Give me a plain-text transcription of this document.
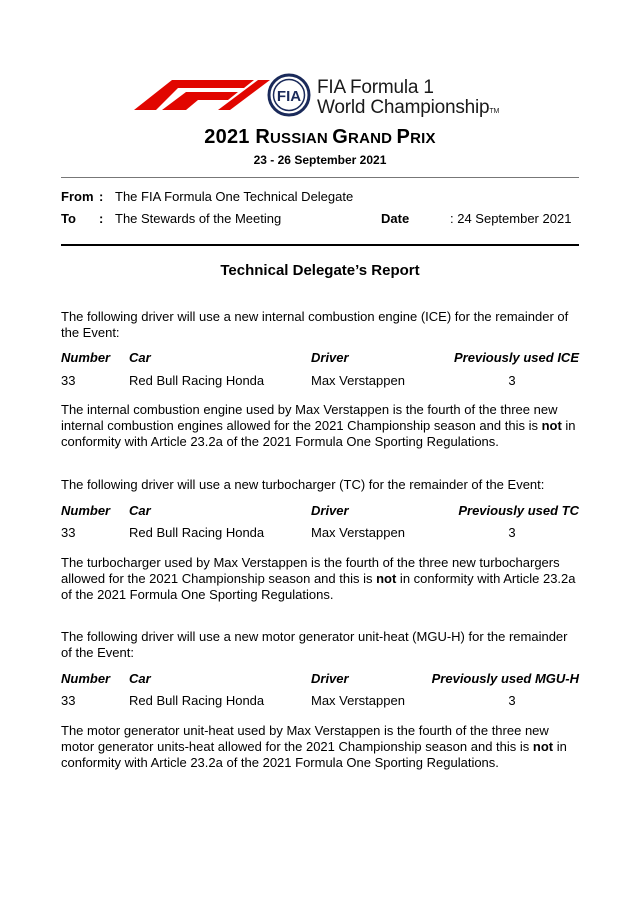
FIA FIA Formula 1
World ChampionshipTM
2021 RUSSIAN GRAND PRIX
23 - 26 September 2021
From : The FIA Formula One Technical Delegate
To : The Stewards of the Meeting	Date	: 24 September 2021
Technical Delegate’s Report
The following driver will use a new internal combustion engine (ICE) for the remainder of the Event:
Number Car	Driver	Previously used ICE
33	Red Bull Racing Honda	Max Verstappen	3
The internal combustion engine used by Max Verstappen is the fourth of the three new internal combustion engines allowed for the 2021 Championship season and this is not in conformity with Article 23.2a of the 2021 Formula One Sporting Regulations.
The following driver will use a new turbocharger (TC) for the remainder of the Event:
Number Car	Driver	Previously used TC
33	Red Bull Racing Honda	Max Verstappen	3
The turbocharger used by Max Verstappen is the fourth of the three new turbochargers allowed for the 2021 Championship season and this is not in conformity with Article 23.2a of the 2021 Formula One Sporting Regulations.
The following driver will use a new motor generator unit-heat (MGU-H) for the remainder of the Event:
Number Car	Driver	Previously used MGU-H
33	Red Bull Racing Honda	Max Verstappen	3
The motor generator unit-heat used by Max Verstappen is the fourth of the three new motor generator units-heat allowed for the 2021 Championship season and this is not in conformity with Article 23.2a of the 2021 Formula One Sporting Regulations.
